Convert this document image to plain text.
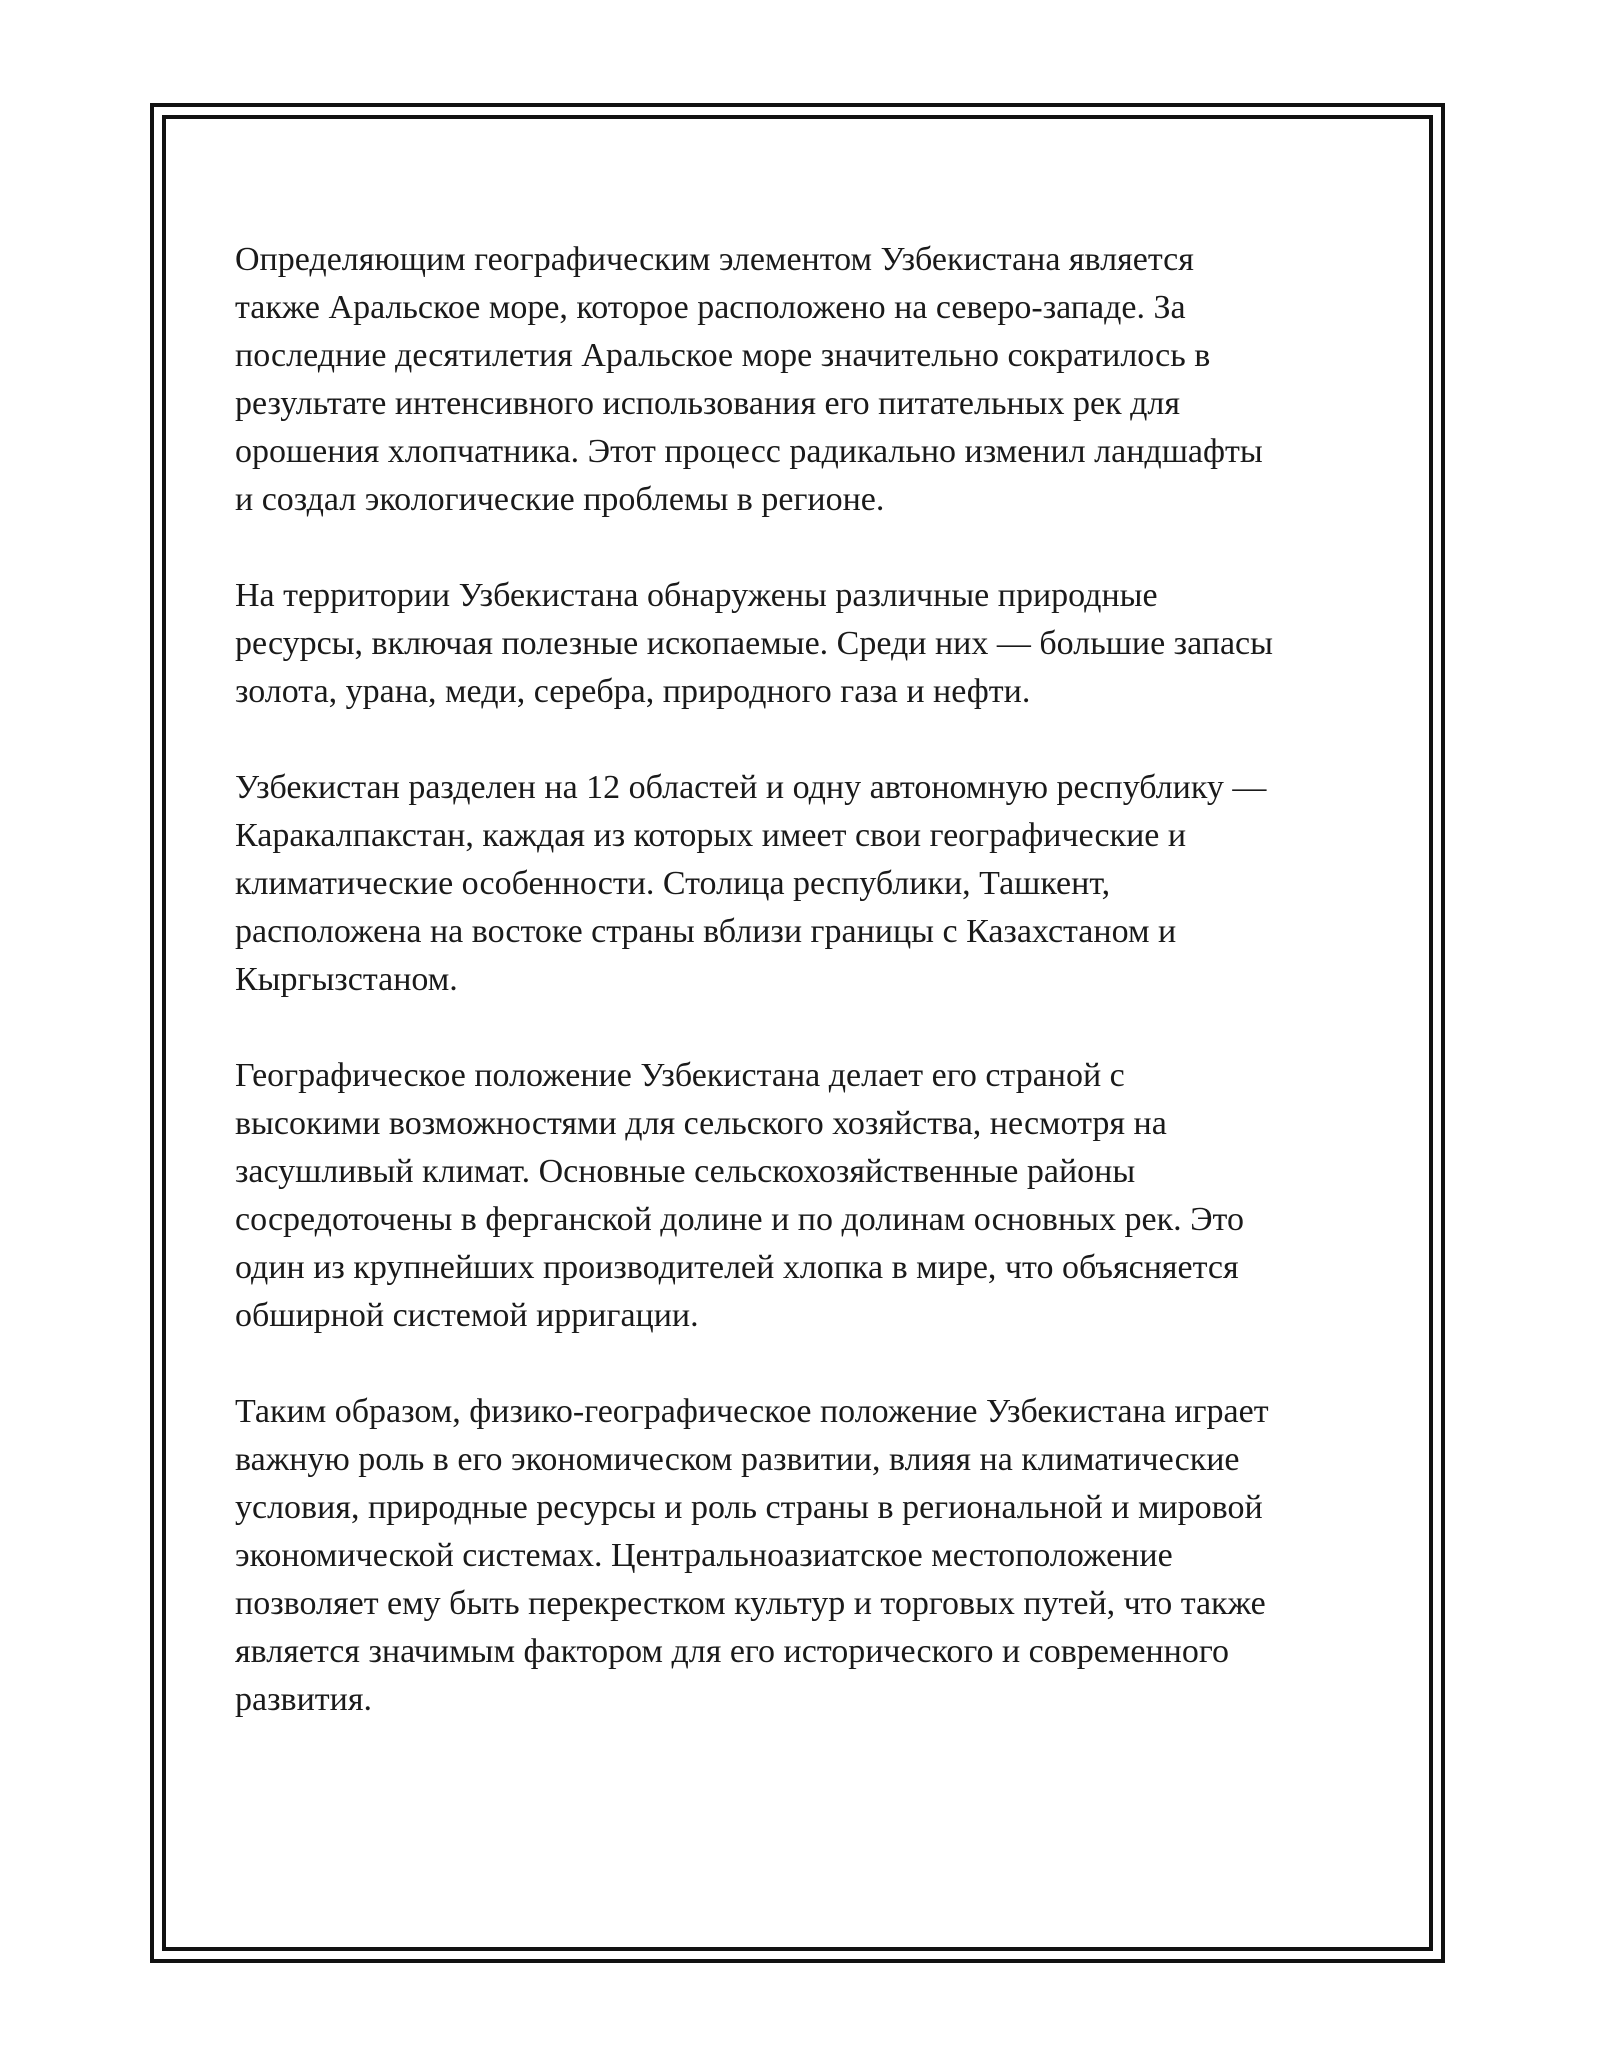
Определяющим географическим элементом Узбекистана является
также Аральское море, которое расположено на северо-западе. За
последние десятилетия Аральское море значительно сократилось в
результате интенсивного использования его питательных рек для
орошения хлопчатника. Этот процесс радикально изменил ландшафты
и создал экологические проблемы в регионе.

На территории Узбекистана обнаружены различные природные
ресурсы, включая полезные ископаемые. Среди них — большие запасы
золота, урана, меди, серебра, природного газа и нефти.

Узбекистан разделен на 12 областей и одну автономную республику —
Каракалпакстан, каждая из которых имеет свои географические и
климатические особенности. Столица республики, Ташкент,
расположена на востоке страны вблизи границы с Казахстаном и
Кыргызстаном.

Географическое положение Узбекистана делает его страной с
высокими возможностями для сельского хозяйства, несмотря на
засушливый климат. Основные сельскохозяйственные районы
сосредоточены в ферганской долине и по долинам основных рек. Это
один из крупнейших производителей хлопка в мире, что объясняется
обширной системой ирригации.

Таким образом, физико-географическое положение Узбекистана играет
важную роль в его экономическом развитии, влияя на климатические
условия, природные ресурсы и роль страны в региональной и мировой
экономической системах. Центральноазиатское местоположение
позволяет ему быть перекрестком культур и торговых путей, что также
является значимым фактором для его исторического и современного
развития.
